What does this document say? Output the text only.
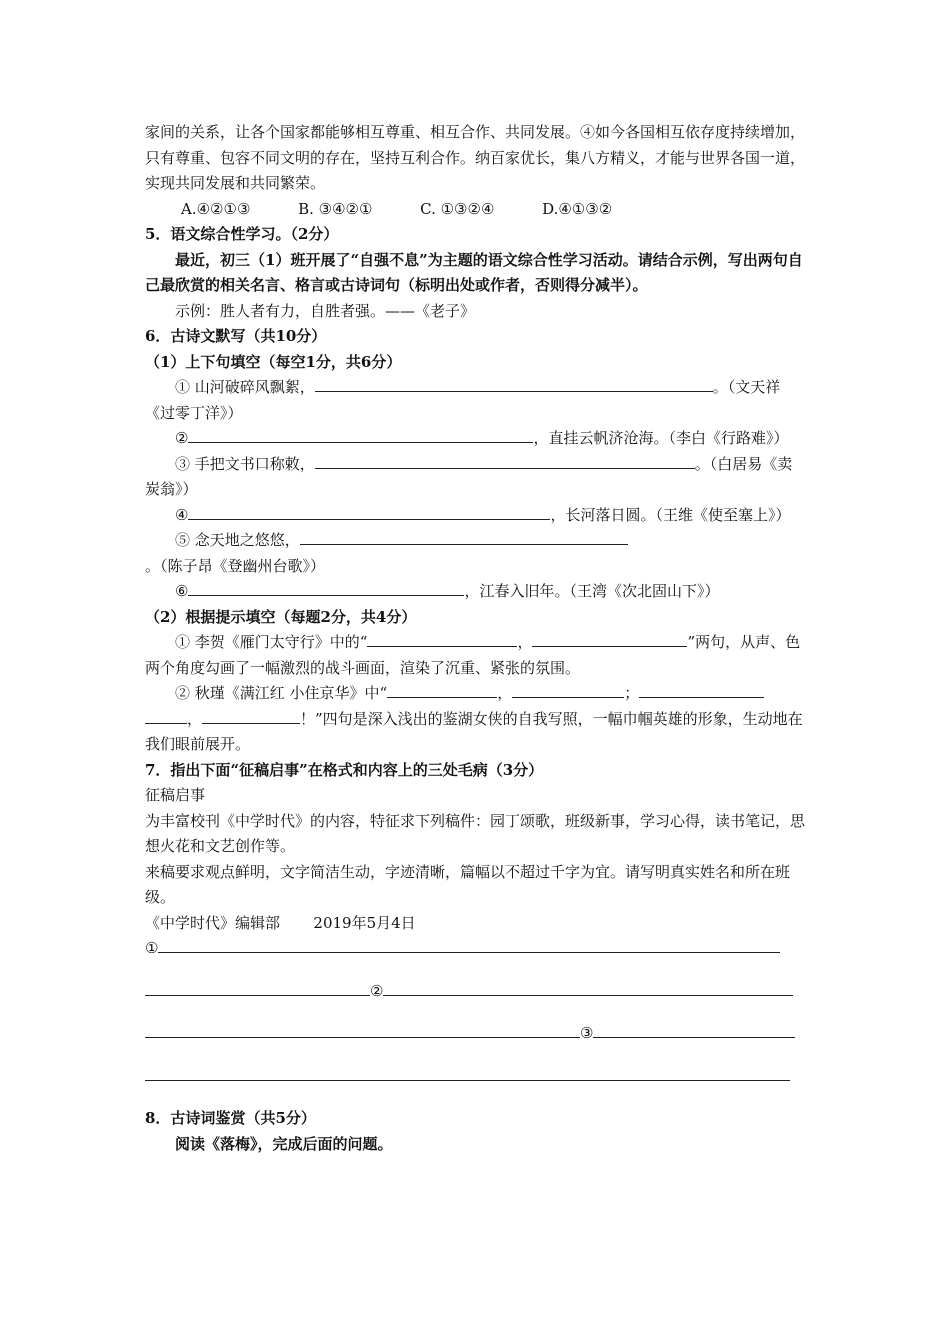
家间的关系，让各个国家都能够相互尊重、相互合作、共同发展。④如今各国相互依存度持续增加，只有尊重、包容不同文明的存在，坚持互利合作。纳百家优长，集八方精义，才能与世界各国一道，实现共同发展和共同繁荣。

A.④②①③	B. ③④②①	C. ①③②④	D.④①③②

5．语文综合性学习。（2分）

最近，初三（1）班开展了“自强不息”为主题的语文综合性学习活动。请结合示例，写出两句自己最欣赏的相关名言、格言或古诗词句（标明出处或作者，否则得分减半）。

示例：胜人者有力，自胜者强。——《老子》

6．古诗文默写（共10分）

（1）上下句填空（每空1分，共6分）

① 山河破碎风飘絮，	。（文天祥《过零丁洋》）

②	，直挂云帆济沧海。（李白《行路难》）

③ 手把文书口称敕，	。（白居易《卖炭翁》）

④	，长河落日圆。（王维《使至塞上》）

⑤ 念天地之悠悠，。（陈子昂《登幽州台歌》）

⑥	，江春入旧年。（王湾《次北固山下》）

（2）根据提示填空（每题2分，共4分）

① 李贺《雁门太守行》中的“	，	”两句，从声、色两个角度勾画了一幅激烈的战斗画面，渲染了沉重、紧张的氛围。

② 秋瑾《满江红 小住京华》中“	，	；，	！”四句是深入浅出的鉴湖女侠的自我写照，一幅巾帼英雄的形象，生动地在我们眼前展开。

7．指出下面“征稿启事”在格式和内容上的三处毛病（3分）

征稿启事

为丰富校刊《中学时代》的内容，特征求下列稿件：园丁颂歌，班级新事，学习心得，读书笔记，思想火花和文艺创作等。

来稿要求观点鲜明，文字简洁生动，字迹清晰，篇幅以不超过千字为宜。请写明真实姓名和所在班级。

《中学时代》编辑部 2019年5月4日

①

②

③

8．古诗词鉴赏（共5分）

阅读《落梅》，完成后面的问题。
